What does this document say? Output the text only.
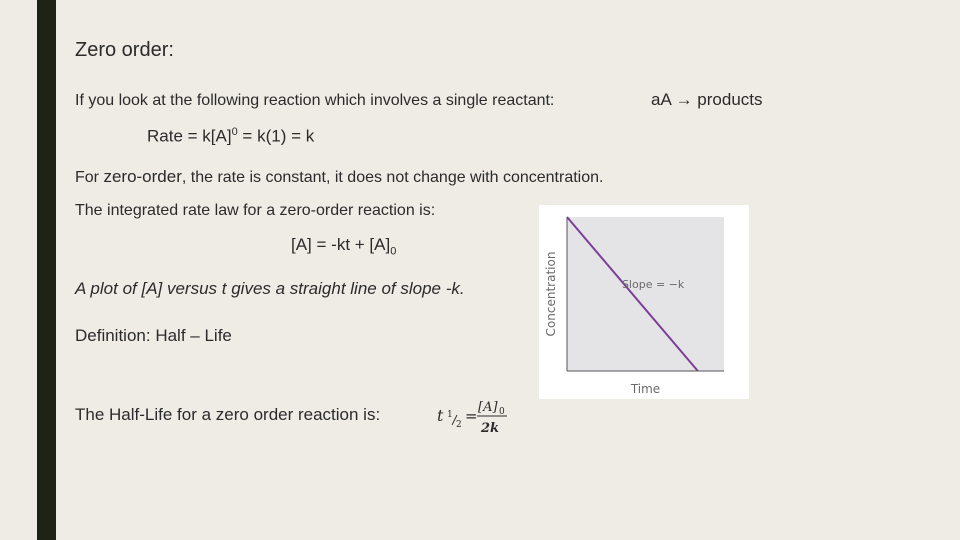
Zero order:
If you look at the following reaction which involves a single reactant:	aA → products
Rate = $k[A]^0 = k(1) = k$
For zero-order, the rate is constant, it does not change with concentration.
The integrated rate law for a zero-order reaction is:
$[A] = -kt + [A]_0$
A plot of [A] versus t gives a straight line of slope -k.
Definition: Half – Life
The Half-Life for a zero order reaction is:	t 1
2 = [A] 0
2k
Slope = −k
Time
Concentration
